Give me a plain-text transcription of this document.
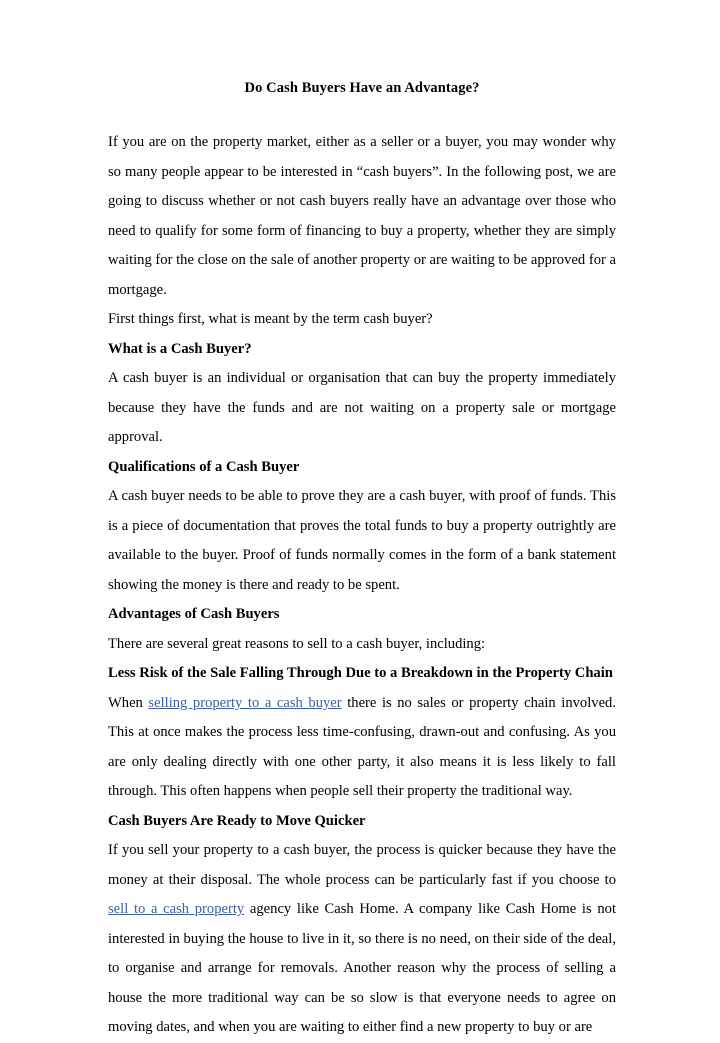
Do Cash Buyers Have an Advantage?

If you are on the property market, either as a seller or a buyer, you may wonder why so many people appear to be interested in “cash buyers”. In the following post, we are going to discuss whether or not cash buyers really have an advantage over those who need to qualify for some form of financing to buy a property, whether they are simply waiting for the close on the sale of another property or are waiting to be approved for a mortgage.

First things first, what is meant by the term cash buyer?

What is a Cash Buyer?

A cash buyer is an individual or organisation that can buy the property immediately because they have the funds and are not waiting on a property sale or mortgage approval.

Qualifications of a Cash Buyer

A cash buyer needs to be able to prove they are a cash buyer, with proof of funds. This is a piece of documentation that proves the total funds to buy a property outrightly are available to the buyer. Proof of funds normally comes in the form of a bank statement showing the money is there and ready to be spent.

Advantages of Cash Buyers

There are several great reasons to sell to a cash buyer, including:

Less Risk of the Sale Falling Through Due to a Breakdown in the Property Chain

When selling property to a cash buyer there is no sales or property chain involved. This at once makes the process less time-confusing, drawn-out and confusing. As you are only dealing directly with one other party, it also means it is less likely to fall through. This often happens when people sell their property the traditional way.

Cash Buyers Are Ready to Move Quicker

If you sell your property to a cash buyer, the process is quicker because they have the money at their disposal. The whole process can be particularly fast if you choose to sell to a cash property agency like Cash Home. A company like Cash Home is not interested in buying the house to live in it, so there is no need, on their side of the deal, to organise and arrange for removals. Another reason why the process of selling a house the more traditional way can be so slow is that everyone needs to agree on moving dates, and when you are waiting to either find a new property to buy or are
